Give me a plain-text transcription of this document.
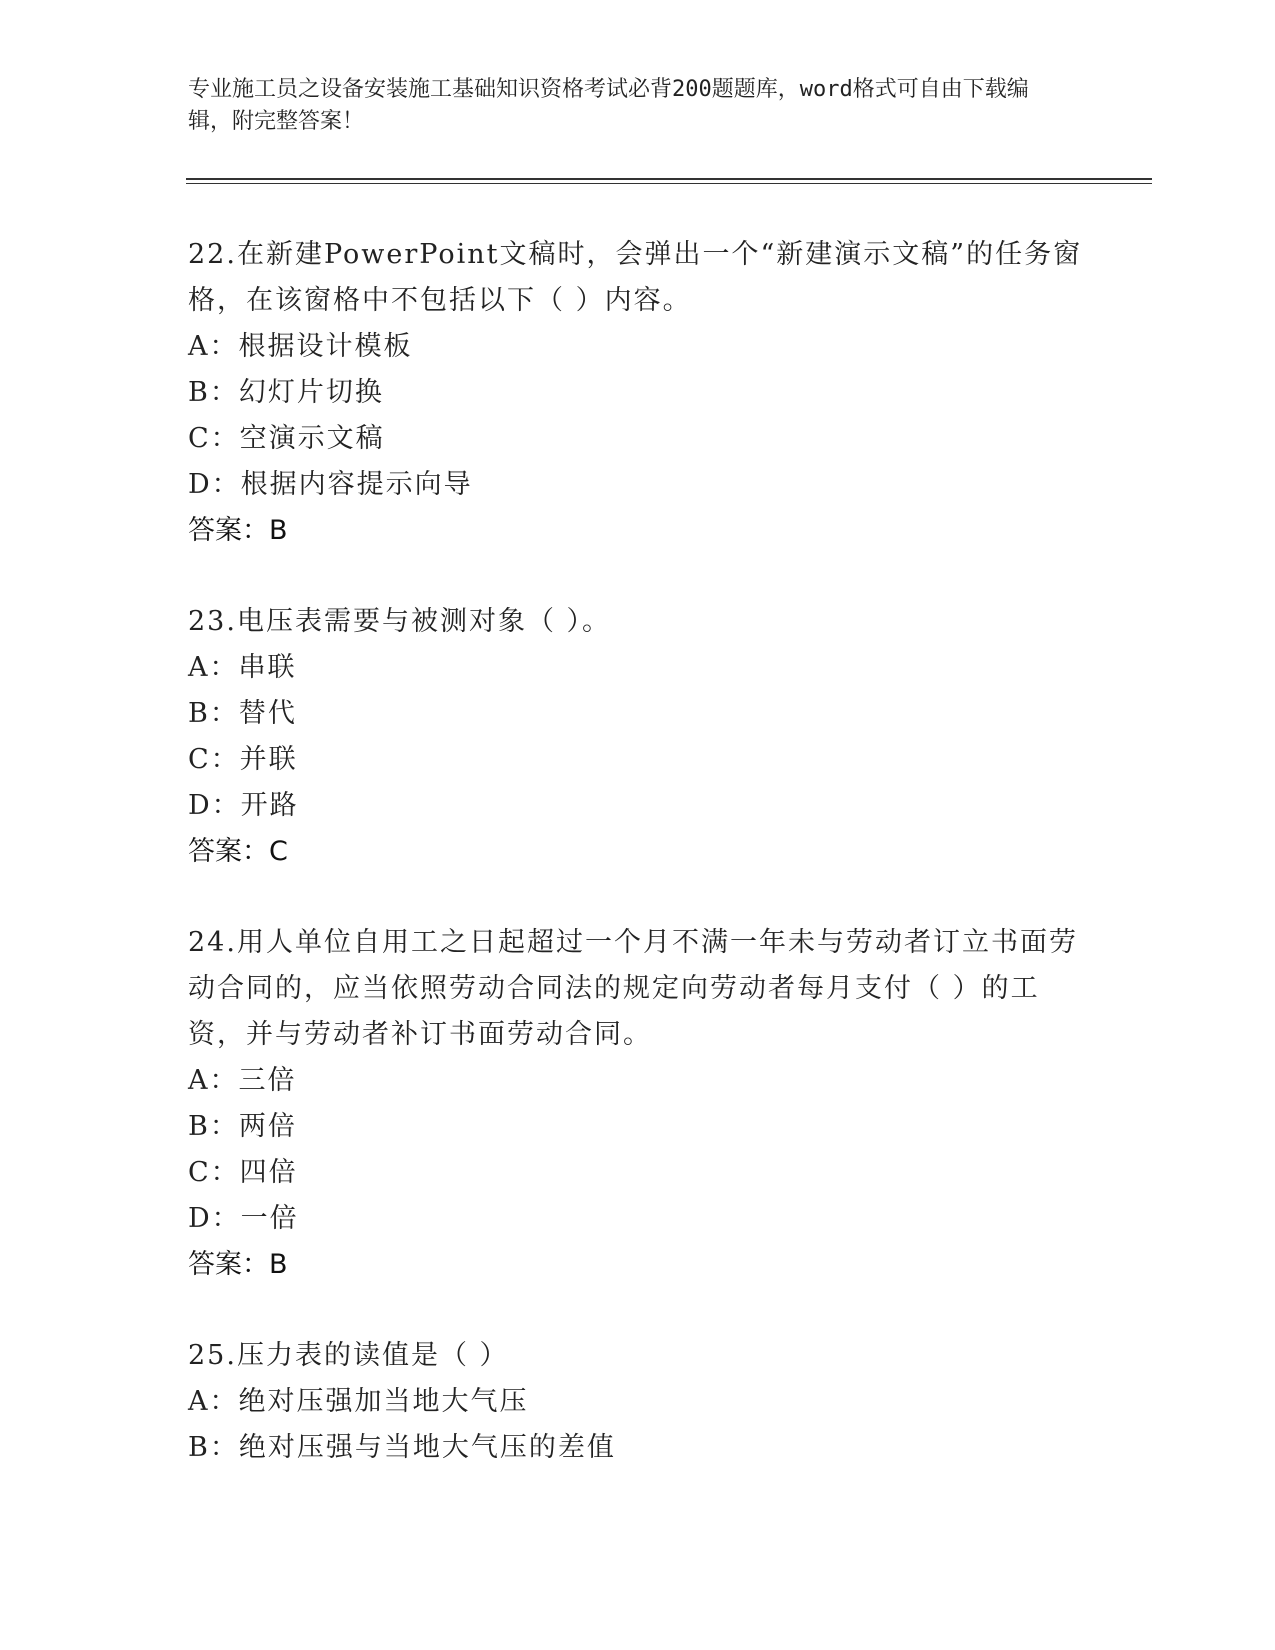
专业施工员之设备安装施工基础知识资格考试必背200题题库，word格式可自由下载编辑，附完整答案！
22.在新建PowerPoint文稿时，会弹出一个“新建演示文稿”的任务窗格，在该窗格中不包括以下（ ）内容。
A：根据设计模板
B：幻灯片切换
C：空演示文稿
D：根据内容提示向导
答案：B
23.电压表需要与被测对象（ ）。
A：串联
B：替代
C：并联
D：开路
答案：C
24.用人单位自用工之日起超过一个月不满一年未与劳动者订立书面劳动合同的，应当依照劳动合同法的规定向劳动者每月支付（ ）的工资，并与劳动者补订书面劳动合同。
A：三倍
B：两倍
C：四倍
D：一倍
答案：B
25.压力表的读值是（ ）
A：绝对压强加当地大气压
B：绝对压强与当地大气压的差值
